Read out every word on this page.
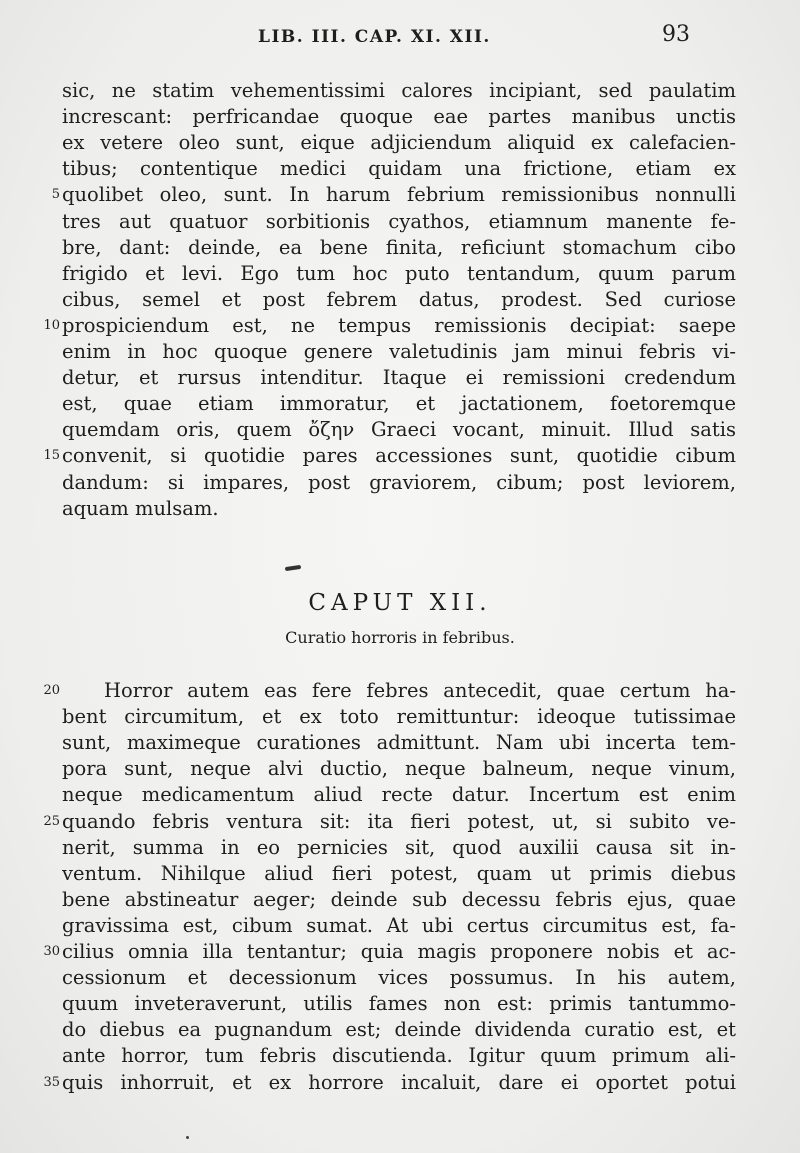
LIB. III. CAP. XI. XII.	93
sic, ne statim vehementissimi calores incipiant, sed paulatim
increscant: perfricandae quoque eae partes manibus unctis
ex vetere oleo sunt, eique adjiciendum aliquid ex calefacien-
tibus; contentique medici quidam una frictione, etiam ex
5 quolibet oleo, sunt. In harum febrium remissionibus nonnulli
tres aut quatuor sorbitionis cyathos, etiamnum manente fe-
bre, dant: deinde, ea bene finita, reficiunt stomachum cibo
frigido et levi. Ego tum hoc puto tentandum, quum parum
cibus, semel et post febrem datus, prodest. Sed curiose
10 prospiciendum est, ne tempus remissionis decipiat: saepe
enim in hoc quoque genere valetudinis jam minui febris vi-
detur, et rursus intenditur. Itaque ei remissioni credendum
est, quae etiam immoratur, et jactationem, foetoremque
quemdam oris, quem ὄζην Graeci vocant, minuit. Illud satis
15 convenit, si quotidie pares accessiones sunt, quotidie cibum
dandum: si impares, post graviorem, cibum; post leviorem,
aquam mulsam.
CAPUT XII.
Curatio horroris in febribus.
20 Horror autem eas fere febres antecedit, quae certum ha-
bent circumitum, et ex toto remittuntur: ideoque tutissimae
sunt, maximeque curationes admittunt. Nam ubi incerta tem-
pora sunt, neque alvi ductio, neque balneum, neque vinum,
neque medicamentum aliud recte datur. Incertum est enim
25 quando febris ventura sit: ita fieri potest, ut, si subito ve-
nerit, summa in eo pernicies sit, quod auxilii causa sit in-
ventum. Nihilque aliud fieri potest, quam ut primis diebus
bene abstineatur aeger; deinde sub decessu febris ejus, quae
gravissima est, cibum sumat. At ubi certus circumitus est, fa-
30 cilius omnia illa tentantur; quia magis proponere nobis et ac-
cessionum et decessionum vices possumus. In his autem,
quum inveteraverunt, utilis fames non est: primis tantummo-
do diebus ea pugnandum est; deinde dividenda curatio est, et
ante horror, tum febris discutienda. Igitur quum primum ali-
35 quis inhorruit, et ex horrore incaluit, dare ei oportet potui
